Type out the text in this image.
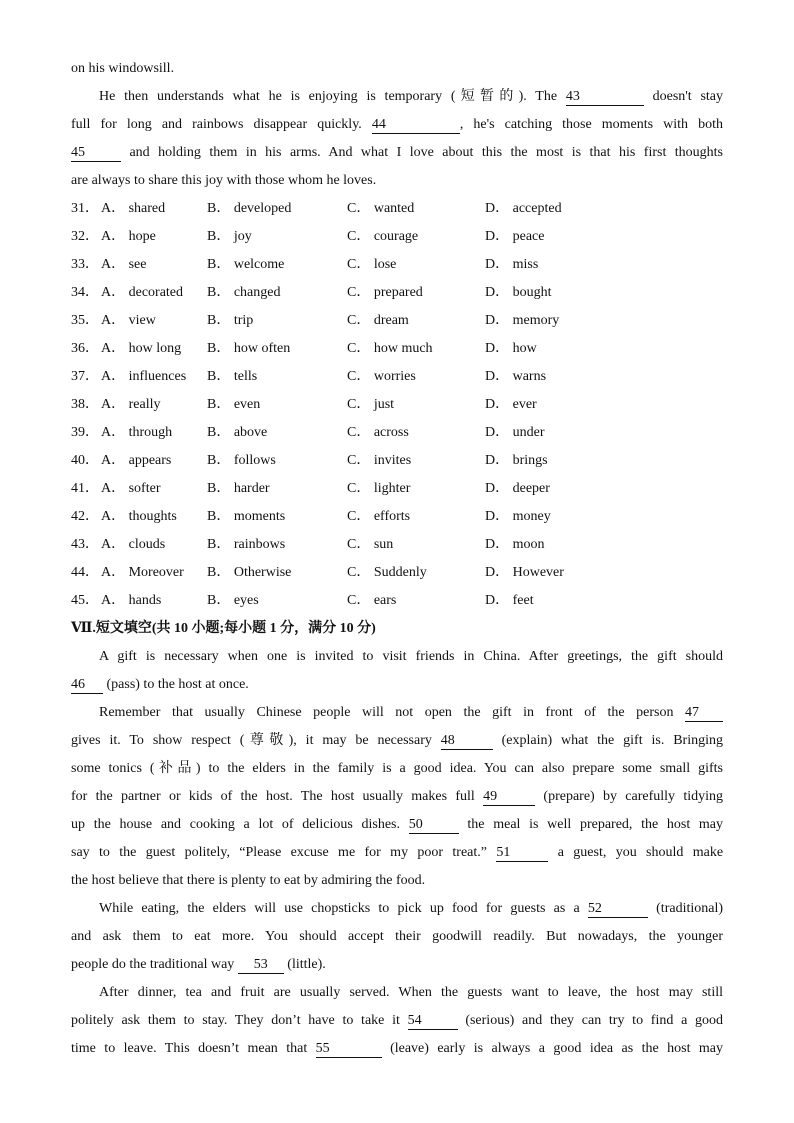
on his windowsill.
He then understands what he is enjoying is temporary (短暂的). The 43	doesn't stay
full for long and rainbows disappear quickly. 44	, he's catching those moments with both
45	and holding them in his arms. And what I love about this the most is that his first thoughts
are always to share this joy with those whom he loves.
31． A． shared	B． developed	C． wanted	D． accepted
32． A． hope	B． joy	C． courage	D． peace
33． A． see	B． welcome	C． lose	D． miss
34． A． decorated B． changed	C． prepared	D． bought
35． A． view	B． trip	C． dream	D． memory
36． A． how long B． how often	C． how much	D． how
37． A． influences B． tells	C． worries	D． warns
38． A． really	B． even	C． just	D． ever
39． A． through B． above	C． across	D． under
40． A． appears	B． follows	C． invites	D． brings
41． A． softer	B． harder	C． lighter	D． deeper
42． A． thoughts B． moments	C． efforts	D． money
43． A． clouds	B． rainbows	C． sun	D． moon
44． A． Moreover B． Otherwise	C． Suddenly	D． However
45． A． hands	B． eyes	C． ears	D． feet
Ⅶ.短文填空(共 10 小题;每小题 1 分，满分 10 分)
A gift is necessary when one is invited to visit friends in China. After greetings, the gift should
46 (pass) to the host at once.
Remember that usually Chinese people will not open the gift in front of the person 47
gives it. To show respect (尊敬), it may be necessary 48	(explain) what the gift is. Bringing
some tonics (补品) to the elders in the family is a good idea. You can also prepare some small gifts
for the partner or kids of the host. The host usually makes full 49	(prepare) by carefully tidying
up the house and cooking a lot of delicious dishes. 50	the meal is well prepared, the host may
say to the guest politely, “Please excuse me for my poor treat.” 51	a guest, you should make
the host believe that there is plenty to eat by admiring the food.
While eating, the elders will use chopsticks to pick up food for guests as a 52	(traditional)
and ask them to eat more. You should accept their goodwill readily. But nowadays, the younger
people do the traditional way 53 (little).
After dinner, tea and fruit are usually served. When the guests want to leave, the host may still
politely ask them to stay. They don’t have to take it 54	(serious) and they can try to find a good
time to leave. This doesn’t mean that 55	(leave) early is always a good idea as the host may
